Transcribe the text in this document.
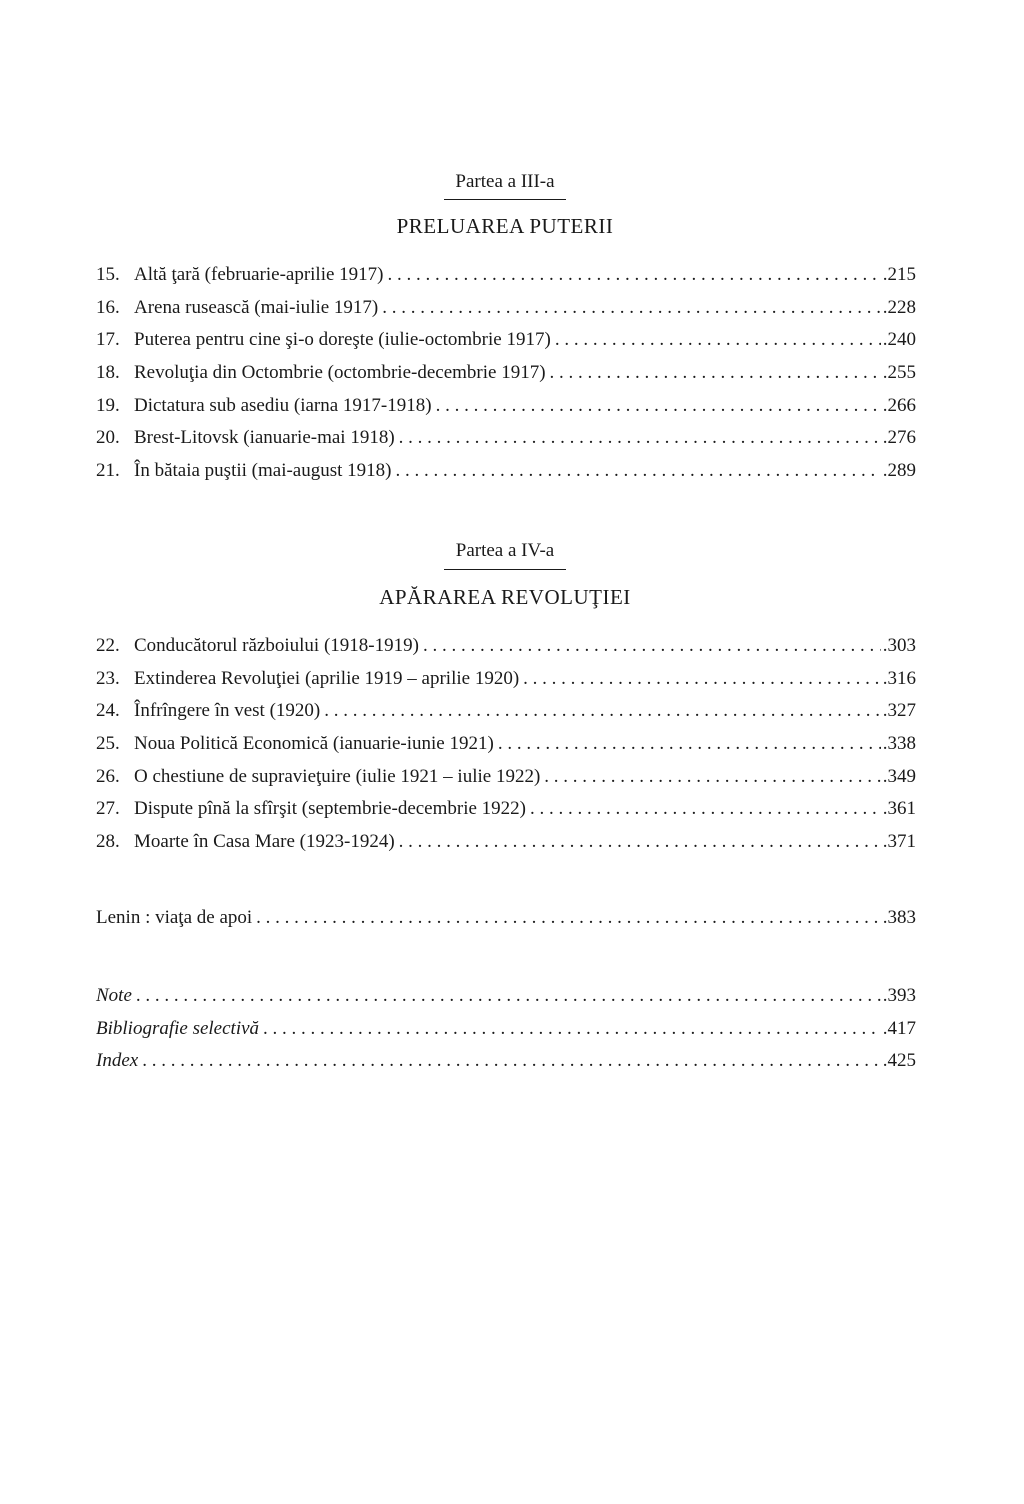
Partea a III-a
PRELUAREA PUTERII
15. Altă ţară (februarie-aprilie 1917) . . .	.215
16. Arena rusească (mai-iulie 1917) . . .	.228
17. Puterea pentru cine şi-o doreşte (iulie-octombrie 1917) . . .	.240
18. Revoluţia din Octombrie (octombrie-decembrie 1917) . . .	.255
19. Dictatura sub asediu (iarna 1917-1918) . . .	.266
20. Brest-Litovsk (ianuarie-mai 1918) . . .	.276
21. În bătaia puştii (mai-august 1918) . . .	.289
Partea a IV-a
APĂRAREA REVOLUŢIEI
22. Conducătorul războiului (1918-1919) . . .	.303
23. Extinderea Revoluţiei (aprilie 1919 – aprilie 1920) . . .	.316
24. Înfrîngere în vest (1920) . . .	.327
25. Noua Politică Economică (ianuarie-iunie 1921) . . .	.338
26. O chestiune de supravieţuire (iulie 1921 – iulie 1922) . . .	.349
27. Dispute pînă la sfîrşit (septembrie-decembrie 1922) . . .	.361
28. Moarte în Casa Mare (1923-1924) . . .	.371
Lenin : viaţa de apoi . . .	.383
Note . . .	.393
Bibliografie selectivă . . .	.417
Index . . .	.425
